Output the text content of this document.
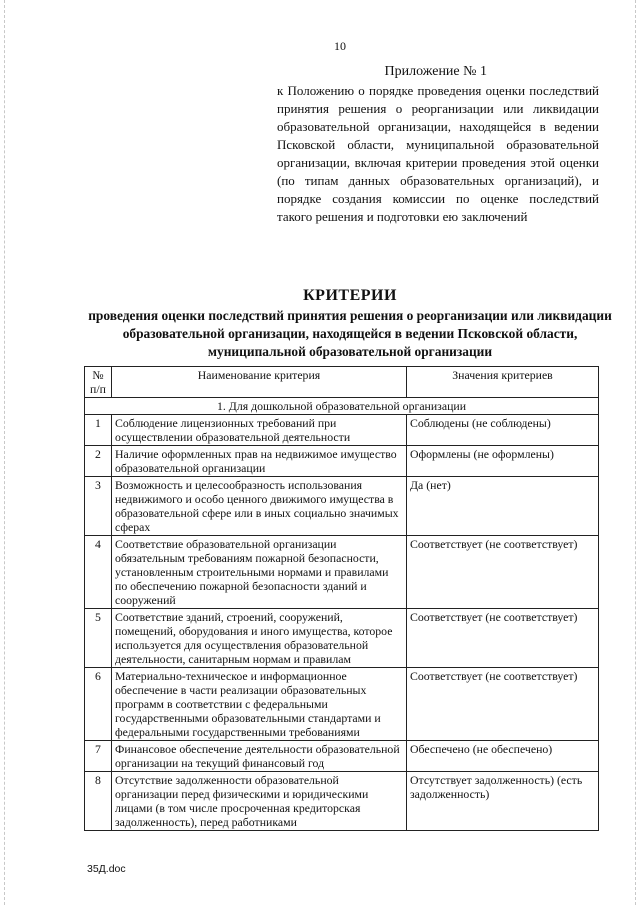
10
Приложение № 1
к Положению о порядке проведения оценки последствий принятия решения о реорганизации или ликвидации образовательной организации, находящейся в ведении Псковской области, муниципальной образовательной организации, включая критерии проведения этой оценки (по типам данных образовательных организаций), и порядке создания комиссии по оценке последствий такого решения и подготовки ею заключений
КРИТЕРИИ
проведения оценки последствий принятия решения о реорганизации или ликвидации образовательной организации, находящейся в ведении Псковской области, муниципальной образовательной организации
№ п/п	Наименование критерия	Значения критериев
1. Для дошкольной образовательной организации		
1	Соблюдение лицензионных требований при осуществлении образовательной деятельности	Соблюдены (не соблюдены)
2	Наличие оформленных прав на недвижимое имущество образовательной организации	Оформлены (не оформлены)
3	Возможность и целесообразность использования недвижимого и особо ценного движимого имущества в образовательной сфере или в иных социально значимых сферах	Да (нет)
4	Соответствие образовательной организации обязательным требованиям пожарной безопасности, установленным строительными нормами и правилами по обеспечению пожарной безопасности зданий и сооружений	Соответствует (не соответствует)
5	Соответствие зданий, строений, сооружений, помещений, оборудования и иного имущества, которое используется для осуществления образовательной деятельности, санитарным нормам и правилам	Соответствует (не соответствует)
6	Материально-техническое и информационное обеспечение в части реализации образовательных программ в соответствии с федеральными государственными образовательными стандартами и федеральными государственными требованиями	Соответствует (не соответствует)
7	Финансовое обеспечение деятельности образовательной организации на текущий финансовый год	Обеспечено (не обеспечено)
8	Отсутствие задолженности образовательной организации перед физическими и юридическими лицами (в том числе просроченная кредиторская задолженность), перед работниками	Отсутствует задолженность) (есть задолженность)
35Д.doc
